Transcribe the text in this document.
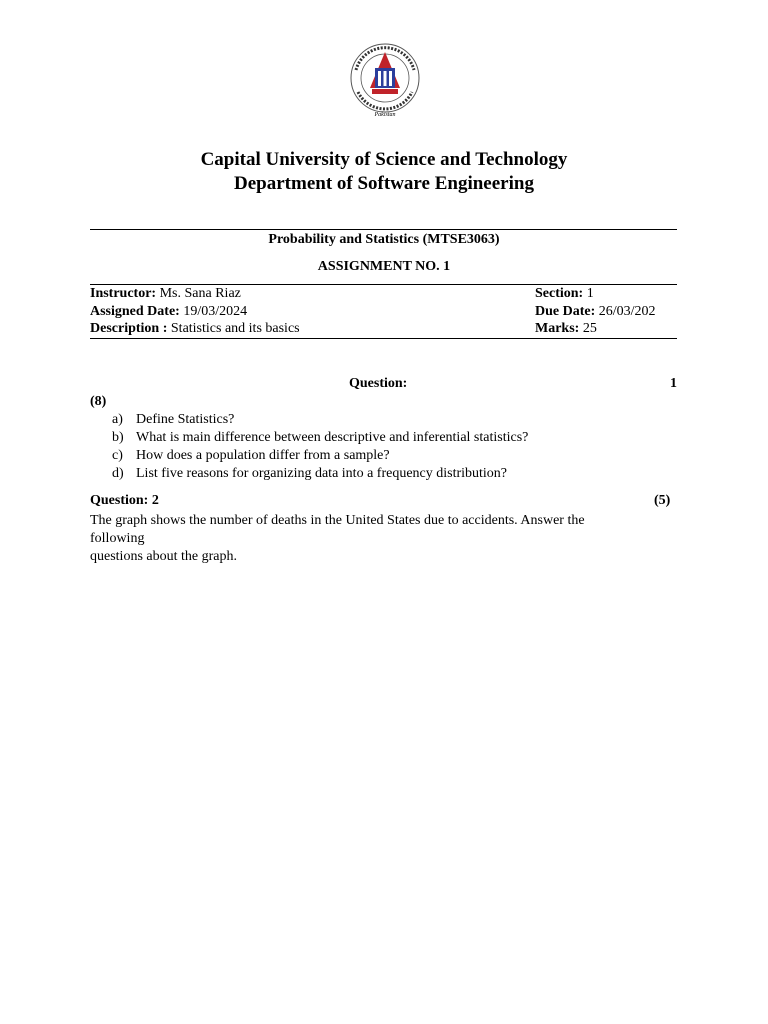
Pakistan
Capital University of Science and Technology
Department of Software Engineering
Probability and Statistics (MTSE3063)
ASSIGNMENT NO. 1
Instructor: Ms. Sana Riaz	Section: 1
Assigned Date: 19/03/2024	Due Date: 26/03/202
Description : Statistics and its basics	Marks: 25
Question:	1
(8)
a) Define Statistics?
b) What is main difference between descriptive and inferential statistics?
c) How does a population differ from a sample?
d) List five reasons for organizing data into a frequency distribution?
Question: 2	(5)
The graph shows the number of deaths in the United States due to accidents. Answer the
following
questions about the graph.
